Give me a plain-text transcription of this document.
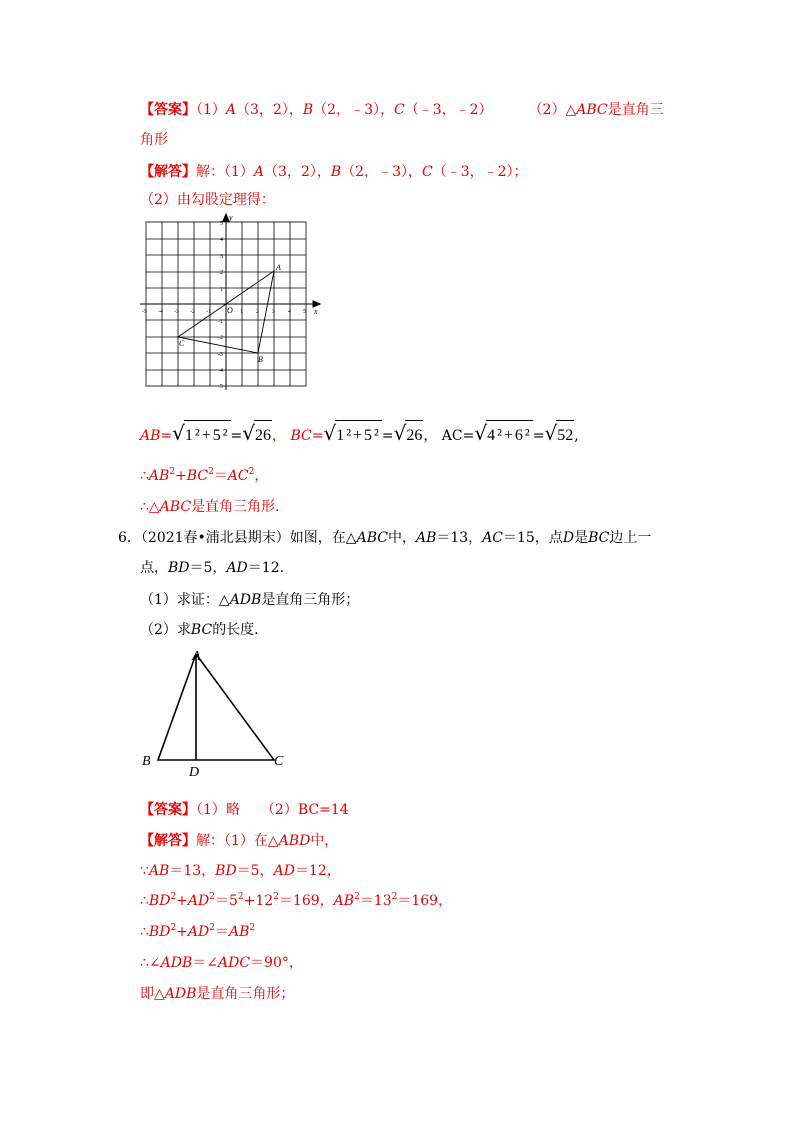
【答案】（1）A（3，2），B（2，﹣3），C（﹣3，﹣2）	（2）△ABC是直角三
角形
【解答】解：（1）A（3，2），B（2，﹣3），C（﹣3，﹣2）；
（2）由勾股定理得：
x
y
O
-5 -4 -3 -2 -1	1 2 3 4 5
5
4
3
2
1
-1
-2
-3
-4
-5
A
B
C
AB=√1²+5²=√26， BC=√1²+5²=√26， AC=√4²+6²=√52,
$\therefore AB^2+BC^2=AC^2$，
∴△ABC是直角三角形.
6．（2021春•浦北县期末）如图，在△ABC中，AB＝13，AC＝15，点D是BC边上一
点，BD＝5，AD＝12.
（1）求证：△ADB是直角三角形；
（2）求BC的长度.
A
B	C
D
【答案】（1）略　　（2）BC=14
【解答】解：（1）在△ABD中，
∵AB＝13，BD＝5，AD＝12，
$\therefore BD^2+AD^2=5^2+12^2=169$，$AB^2=13^2=169$，
$\therefore BD^2+AD^2=AB^2$
∴∠ADB＝∠ADC＝90°，
即△ADB是直角三角形；
